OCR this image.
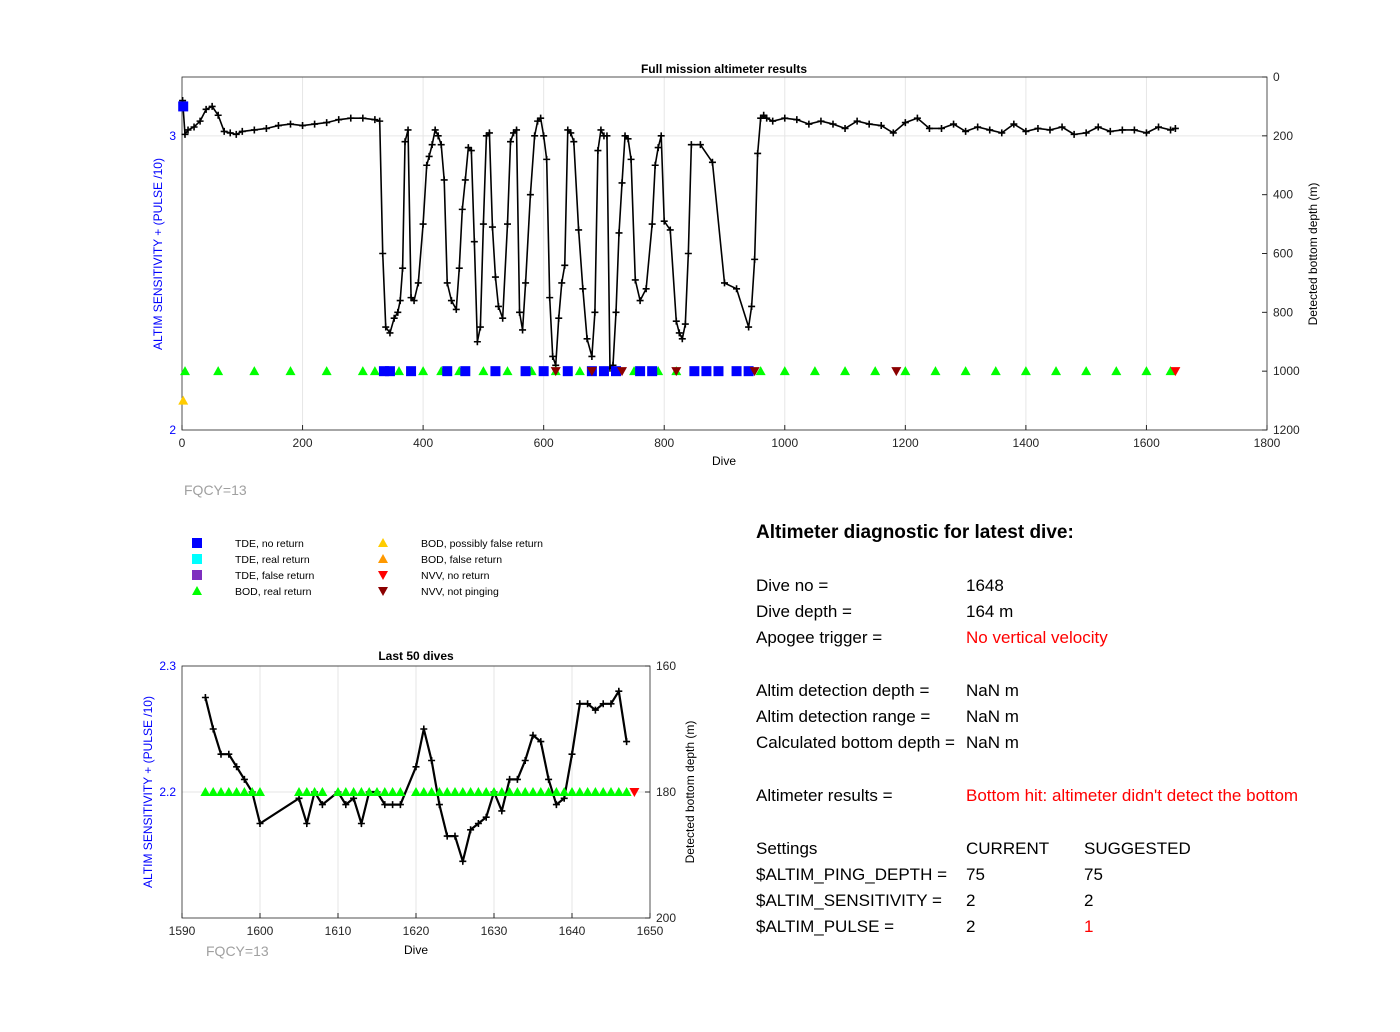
Full mission altimeter results
0	200	400	600	800	1000	1200	1400	1600	1800
2
3
0
200
400
600
800
1000
1200
Dive
ALTIM SENSITIVITY + (PULSE /10)	Detected bottom depth (m)
FQCY=13
TDE, no return
TDE, real return
TDE, false return
BOD, real return
BOD, possibly false return
BOD, false return
NVV, no return
NVV, not pinging
Last 50 dives
1590	1600	1610	1620	1630	1640	1650
2.2
2.3	160
180
200
Dive
ALTIM SENSITIVITY + (PULSE /10)	Detected bottom depth (m)
FQCY=13
Altimeter diagnostic for latest dive:
Dive no =	1648
Dive depth =	164 m
Apogee trigger =	No vertical velocity
Altim detection depth = NaN m
Altim detection range = NaN m
Calculated bottom depth = NaN m
Altimeter results =	Bottom hit: altimeter didn't detect the bottom
Settings	CURRENT SUGGESTED
$ALTIM_PING_DEPTH = 75	75
$ALTIM_SENSITIVITY = 2	2
$ALTIM_PULSE =	2	1
